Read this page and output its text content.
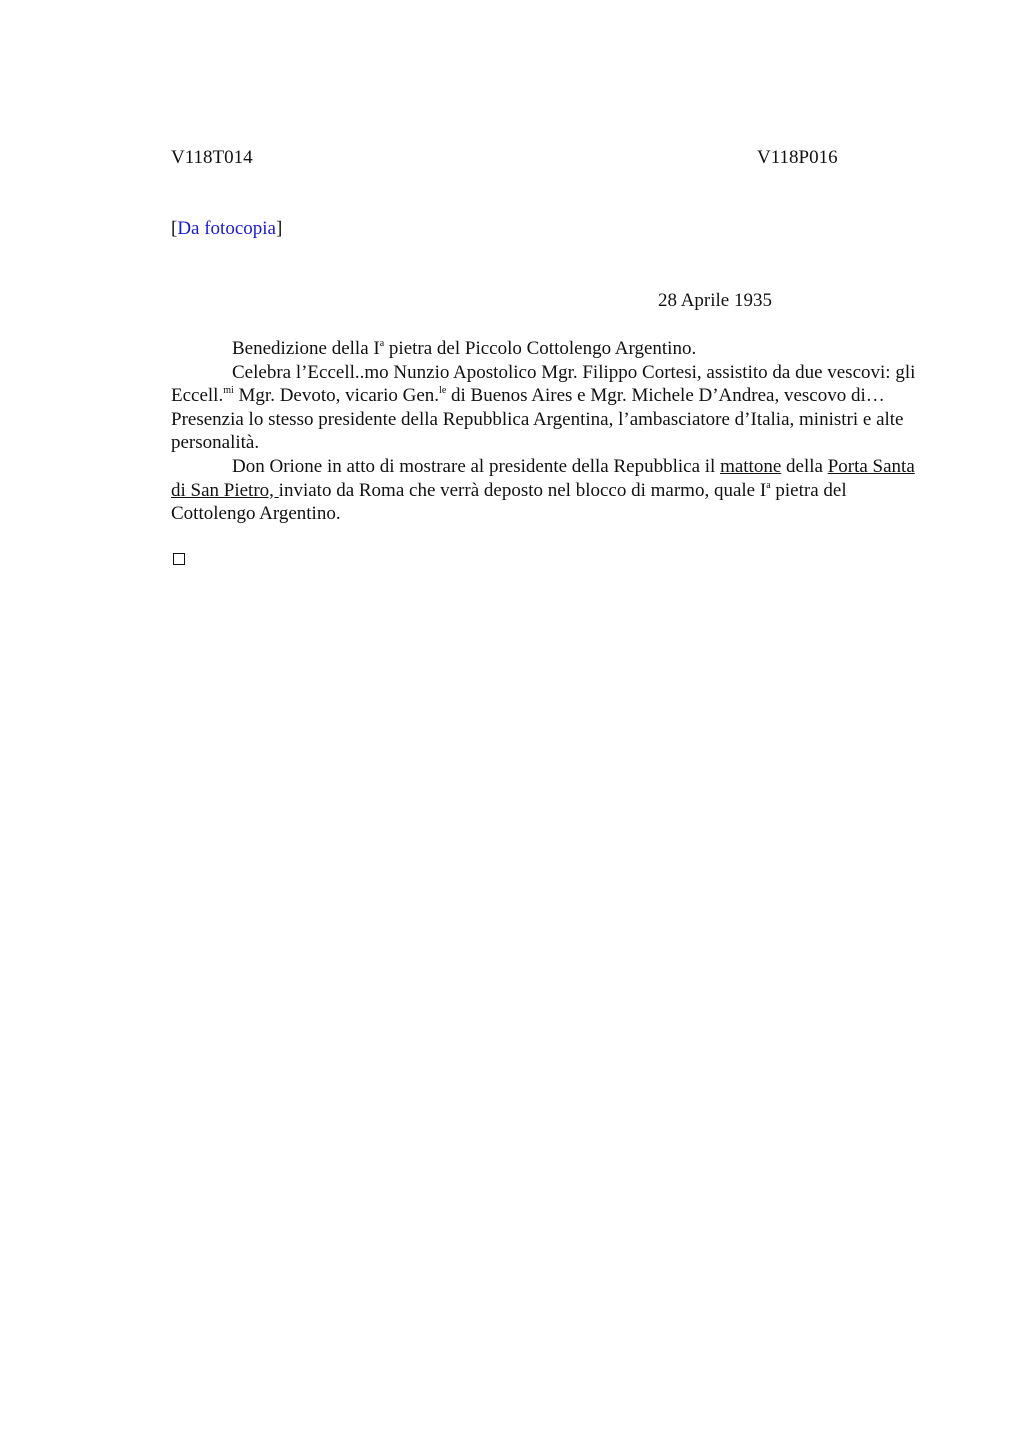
V118T014	V118P016
[Da fotocopia]
28 Aprile 1935

Benedizione della $I^a$ pietra del Piccolo Cottolengo Argentino.

Celebra l’Eccell..mo Nunzio Apostolico Mgr. Filippo Cortesi, assistito da due vescovi: gli Eccell.$^{mi}$ Mgr. Devoto, vicario Gen.$^{le}$ di Buenos Aires e Mgr. Michele D’Andrea, vescovo di…Presenzia lo stesso presidente della Repubblica Argentina, l’ambasciatore d’Italia, ministri e alte personalità.

Don Orione in atto di mostrare al presidente della Repubblica il mattone della Porta Santa di San Pietro, inviato da Roma che verrà deposto nel blocco di marmo, quale $I^a$ pietra del Cottolengo Argentino.
